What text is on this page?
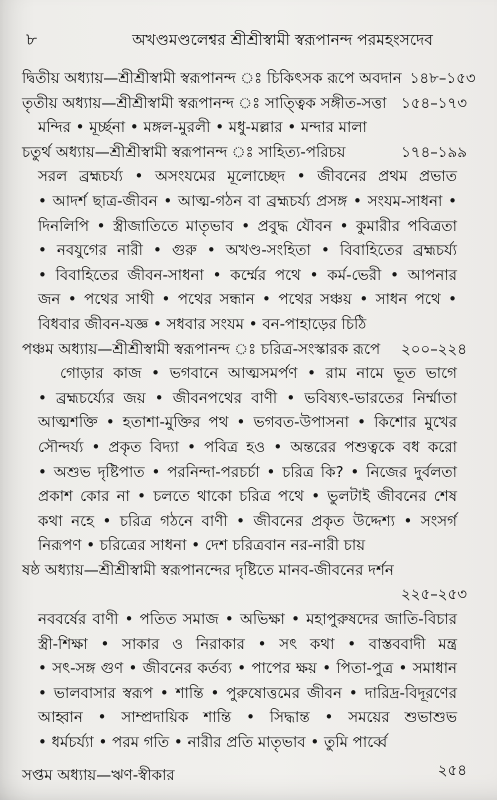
৮	অখণ্ডমণ্ডলেশ্বর শ্রীশ্রীস্বামী স্বরূপানন্দ পরমহংসদেব
দ্বিতীয় অধ্যায়—শ্রীশ্রীস্বামী স্বরূপানন্দ ঃ চিকিৎসক রূপে অবদান ১৪৮–১৫৩
তৃতীয় অধ্যায়—শ্রীশ্রীস্বামী স্বরূপানন্দ ঃ সাত্ত্বিক সঙ্গীত-সত্তা ১৫৪–১৭৩
মন্দির • মূর্চ্ছনা • মঙ্গল-মুরলী • মধু-মল্লার • মন্দার মালা
চতুর্থ অধ্যায়—শ্রীশ্রীস্বামী স্বরূপানন্দ ঃ সাহিত্য-পরিচয়	১৭৪–১৯৯
সরল ব্রহ্মচর্য্য • অসংযমের মূলোচ্ছেদ • জীবনের প্রথম প্রভাত
• আদর্শ ছাত্র-জীবন • আত্ম-গঠন বা ব্রহ্মচর্য্য প্রসঙ্গ • সংযম-সাধনা •
দিনলিপি • স্ত্রীজাতিতে মাতৃভাব • প্রবুদ্ধ যৌবন • কুমারীর পবিত্রতা
• নবযুগের নারী • গুরু • অখণ্ড-সংহিতা • বিবাহিতের ব্রহ্মচর্য্য
• বিবাহিতের জীবন-সাধনা • কর্ম্মের পথে • কর্ম-ভেরী • আপনার
জন • পথের সাথী • পথের সন্ধান • পথের সঞ্চয় • সাধন পথে •
বিধবার জীবন-যজ্ঞ • সধবার সংযম • বন-পাহাড়ের চিঠি
পঞ্চম অধ্যায়—শ্রীশ্রীস্বামী স্বরূপানন্দ ঃ চরিত্র-সংস্কারক রূপে	২০০–২২৪
গোড়ার কাজ • ভগবানে আত্মসমর্পণ • রাম নামে ভূত ভাগে
• ব্রহ্মচর্য্যের জয় • জীবনপথের বাণী • ভবিষ্যৎ-ভারতের নির্ম্মাতা
আত্মশক্তি • হতাশা-মুক্তির পথ • ভগবত-উপাসনা • কিশোর মুখের
সৌন্দর্য্য • প্রকৃত বিদ্যা • পবিত্র হও • অন্তরের পশুত্বকে বধ করো
• অশুভ দৃষ্টিপাত • পরনিন্দা-পরচর্চা • চরিত্র কি? • নিজের দুর্বলতা
প্রকাশ কোর না • চলতে থাকো চরিত্র পথে • ভুলটাই জীবনের শেষ
কথা নহে • চরিত্র গঠনে বাণী • জীবনের প্রকৃত উদ্দেশ্য • সংসর্গ
নিরূপণ • চরিত্রের সাধনা • দেশ চরিত্রবান নর-নারী চায়
ষষ্ঠ অধ্যায়—শ্রীশ্রীস্বামী স্বরূপানন্দের দৃষ্টিতে মানব-জীবনের দর্শন
২২৫–২৫৩
নববর্ষের বাণী • পতিত সমাজ • অভিক্ষা • মহাপুরুষদের জাতি-বিচার
স্ত্রী-শিক্ষা • সাকার ও নিরাকার • সৎ কথা • বাস্তববাদী মন্ত্র
• সৎ-সঙ্গ গুণ • জীবনের কর্তব্য • পাপের ক্ষয় • পিতা-পুত্র • সমাধান
• ভালবাসার স্বরূপ • শান্তি • পুরুষোত্তমের জীবন • দারিদ্র-বিদূরণের
আহ্বান • সাম্প্রদায়িক শান্তি • সিদ্ধান্ত • সময়ের শুভাশুভ
• ধর্মচর্য্যা • পরম গতি • নারীর প্রতি মাতৃভাব • তুমি পার্ব্বে
সপ্তম অধ্যায়—ঋণ-স্বীকার	২৫৪
